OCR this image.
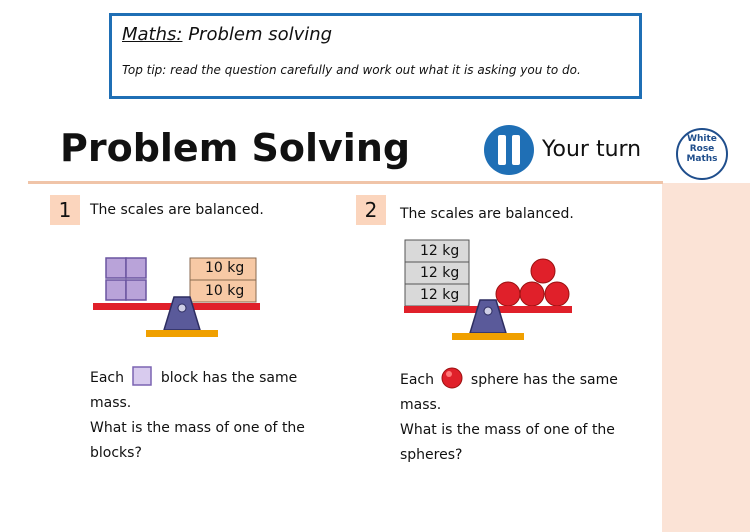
Maths: Problem solving
Top tip: read the question carefully and work out what it is asking you to do.
Problem Solving	Your turn	White
Rose
Maths
1	The scales are balanced.
10 kg
10 kg
Each	block has the same
mass.
What is the mass of one of the
blocks?
2	The scales are balanced.
12 kg
12 kg
12 kg
Each	sphere has the same
mass.
What is the mass of one of the
spheres?
